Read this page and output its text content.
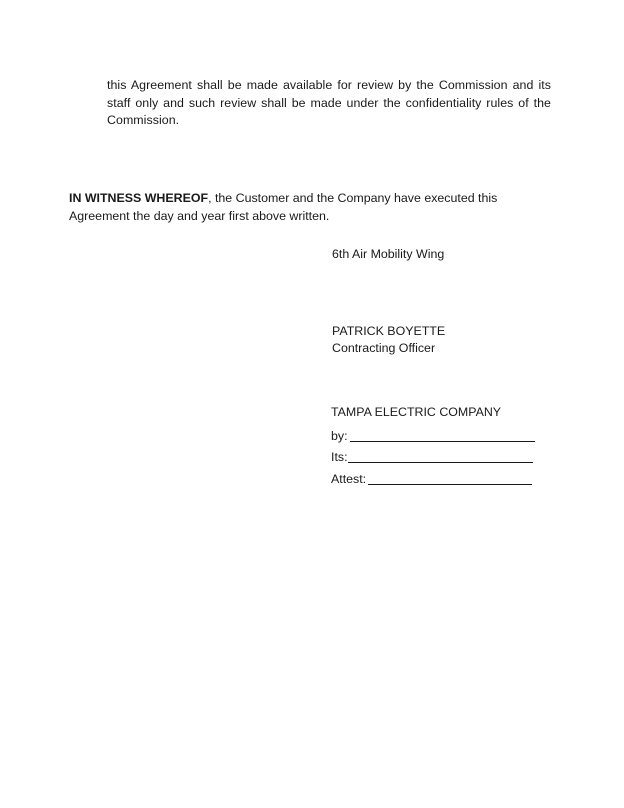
this Agreement shall be made available for review by the Commission and its staff only and such review shall be made under the confidentiality rules of the Commission.

IN WITNESS WHEREOF, the Customer and the Company have executed this Agreement the day and year first above written.

6th Air Mobility Wing
PATRICK BOYETTE
Contracting Officer
TAMPA ELECTRIC COMPANY
by:
Its:
Attest:
